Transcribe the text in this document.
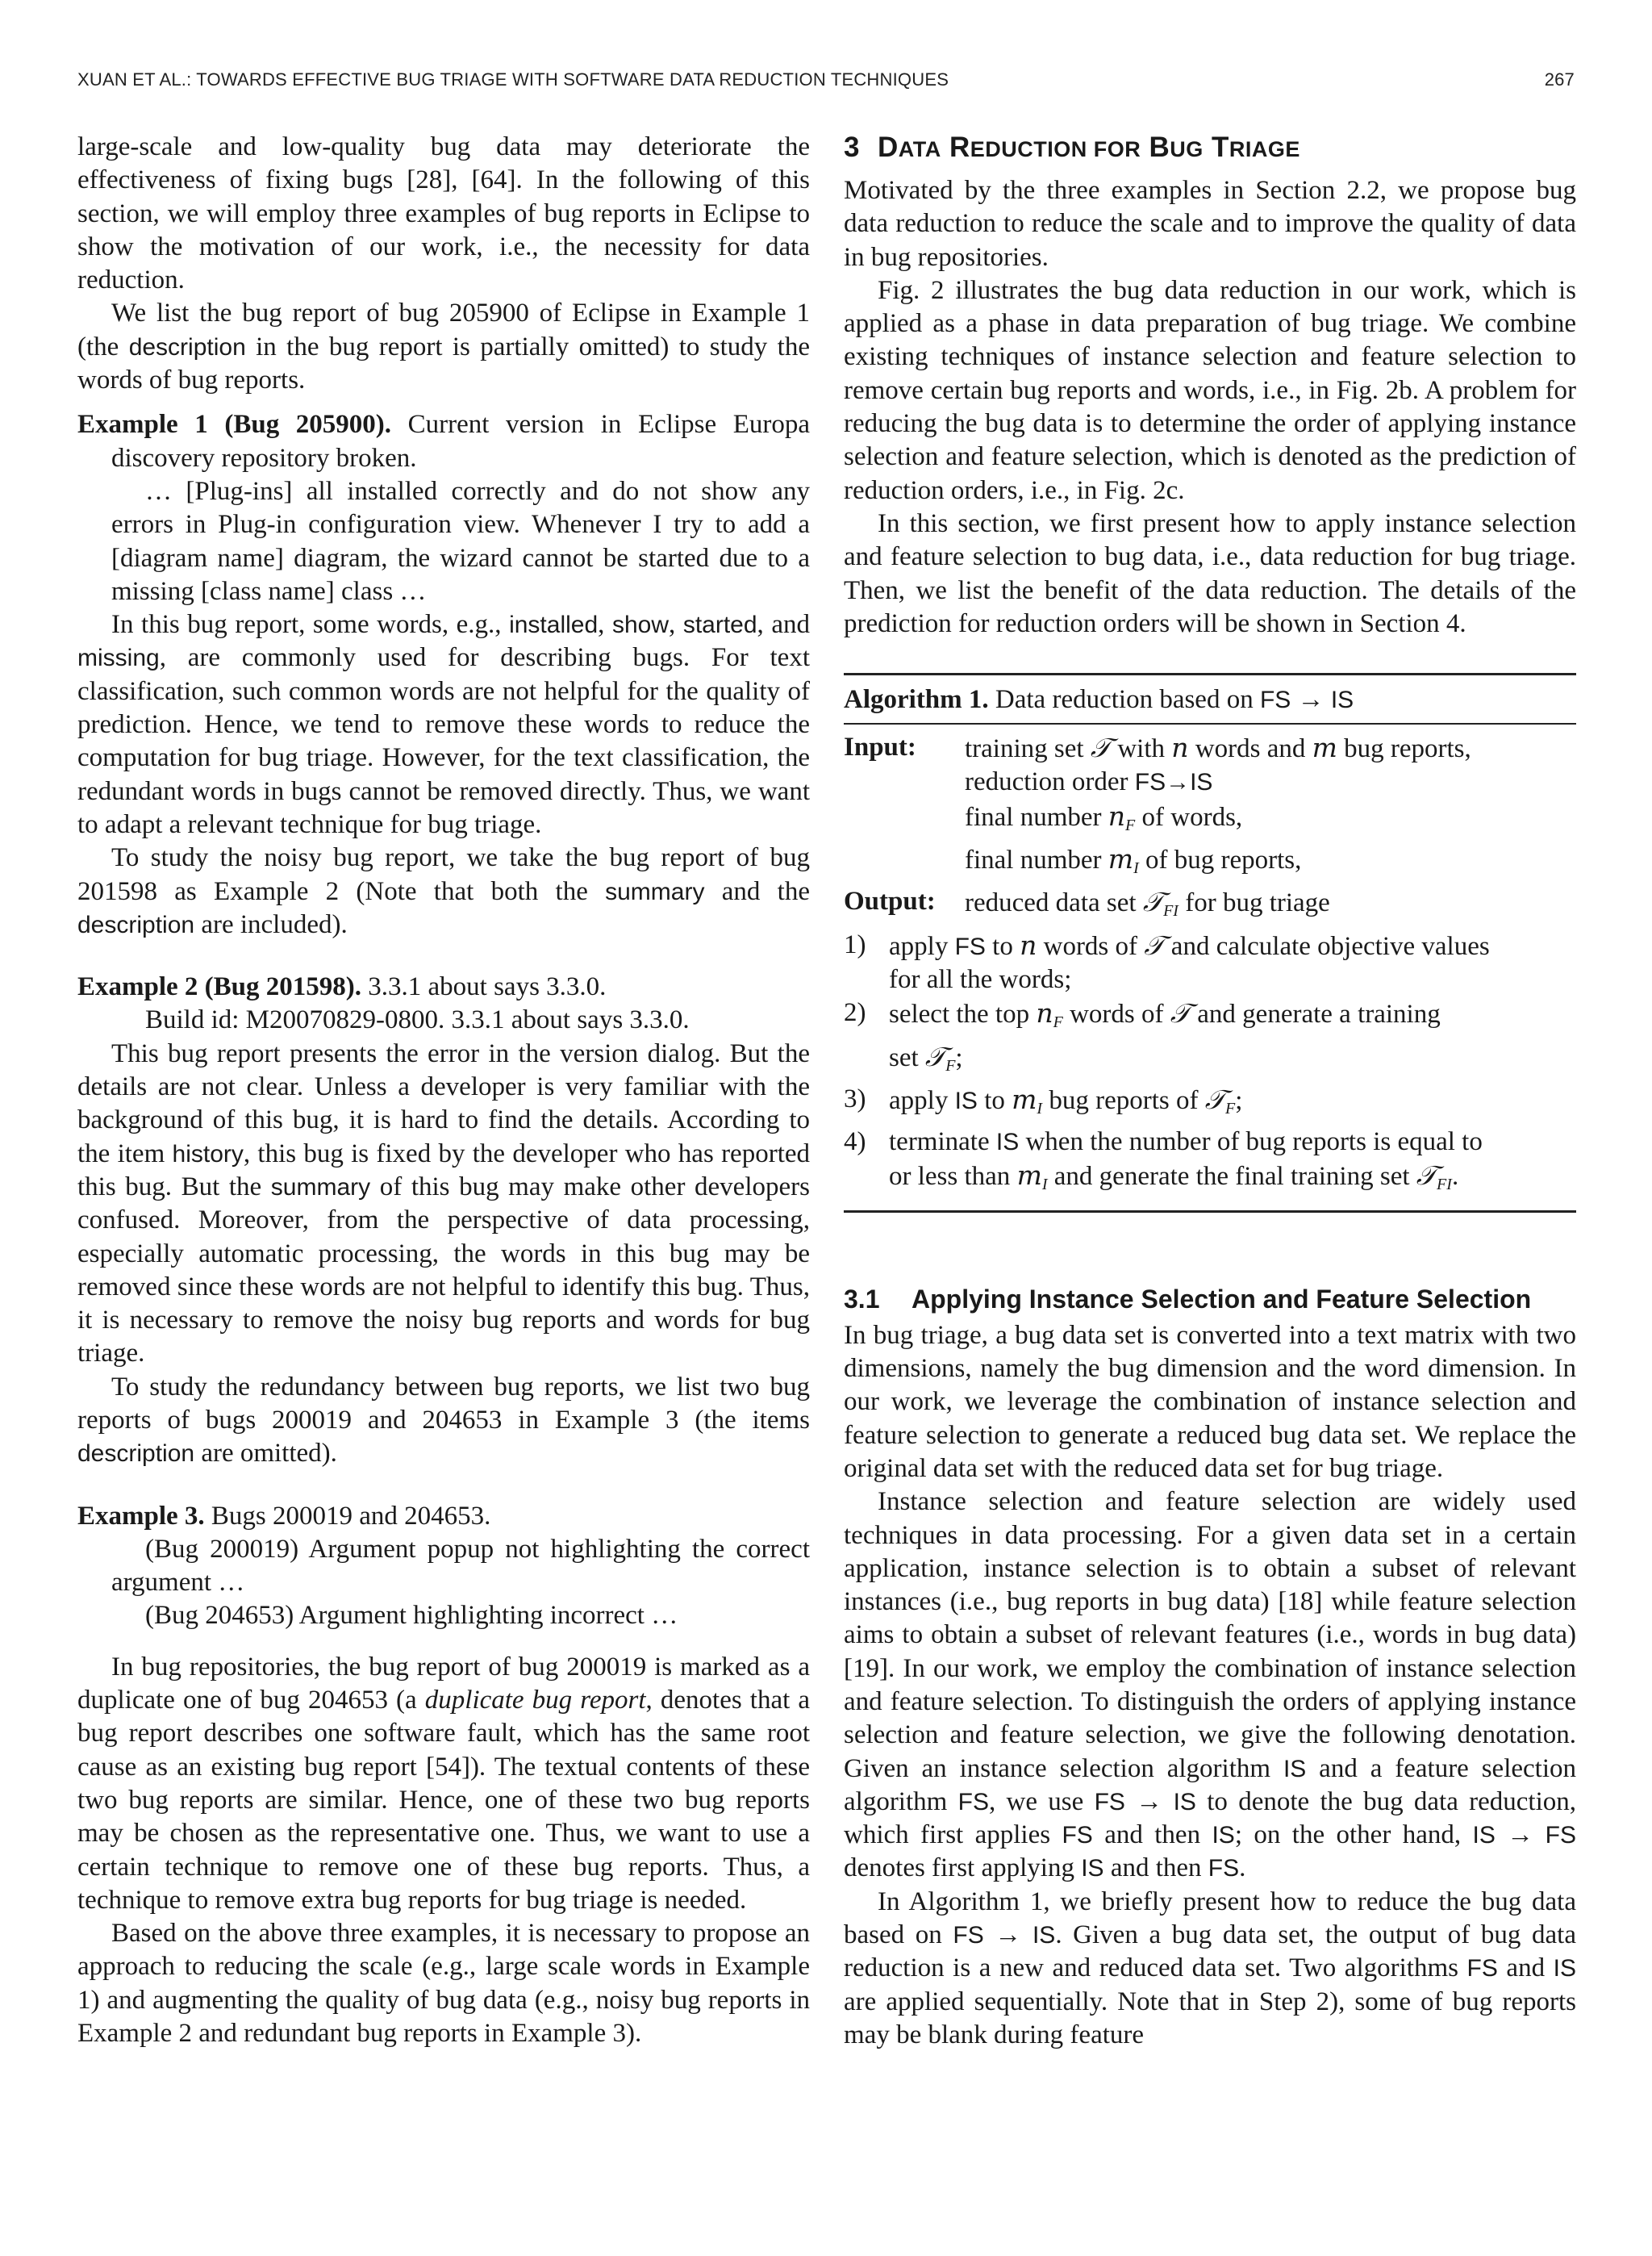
XUAN ET AL.: TOWARDS EFFECTIVE BUG TRIAGE WITH SOFTWARE DATA REDUCTION TECHNIQUES	267

large-scale and low-quality bug data may deteriorate the effectiveness of fixing bugs [28], [64]. In the following of this section, we will employ three examples of bug reports in Eclipse to show the motivation of our work, i.e., the necessity for data reduction.

We list the bug report of bug 205900 of Eclipse in Example 1 (the description in the bug report is partially omitted) to study the words of bug reports.

Example 1 (Bug 205900). Current version in Eclipse Europa discovery repository broken.

… [Plug-ins] all installed correctly and do not show any errors in Plug-in configuration view. Whenever I try to add a [diagram name] diagram, the wizard cannot be started due to a missing [class name] class …

In this bug report, some words, e.g., installed, show, started, and missing, are commonly used for describing bugs. For text classification, such common words are not helpful for the quality of prediction. Hence, we tend to remove these words to reduce the computation for bug triage. However, for the text classification, the redundant words in bugs cannot be removed directly. Thus, we want to adapt a relevant technique for bug triage.

To study the noisy bug report, we take the bug report of bug 201598 as Example 2 (Note that both the summary and the description are included).

Example 2 (Bug 201598). 3.3.1 about says 3.3.0.

Build id: M20070829-0800. 3.3.1 about says 3.3.0.

This bug report presents the error in the version dialog. But the details are not clear. Unless a developer is very familiar with the background of this bug, it is hard to find the details. According to the item history, this bug is fixed by the developer who has reported this bug. But the summary of this bug may make other developers confused. Moreover, from the perspective of data processing, especially automatic processing, the words in this bug may be removed since these words are not helpful to identify this bug. Thus, it is necessary to remove the noisy bug reports and words for bug triage.

To study the redundancy between bug reports, we list two bug reports of bugs 200019 and 204653 in Example 3 (the items description are omitted).

Example 3. Bugs 200019 and 204653.

(Bug 200019) Argument popup not highlighting the correct argument …

(Bug 204653) Argument highlighting incorrect …

In bug repositories, the bug report of bug 200019 is marked as a duplicate one of bug 204653 (a duplicate bug report, denotes that a bug report describes one software fault, which has the same root cause as an existing bug report [54]). The textual contents of these two bug reports are similar. Hence, one of these two bug reports may be chosen as the representative one. Thus, we want to use a certain technique to remove one of these bug reports. Thus, a technique to remove extra bug reports for bug triage is needed.

Based on the above three examples, it is necessary to propose an approach to reducing the scale (e.g., large scale words in Example 1) and augmenting the quality of bug data (e.g., noisy bug reports in Example 2 and redundant bug reports in Example 3).

3 DATA REDUCTION FOR BUG TRIAGE

Motivated by the three examples in Section 2.2, we propose bug data reduction to reduce the scale and to improve the quality of data in bug repositories.

Fig. 2 illustrates the bug data reduction in our work, which is applied as a phase in data preparation of bug triage. We combine existing techniques of instance selection and feature selection to remove certain bug reports and words, i.e., in Fig. 2b. A problem for reducing the bug data is to determine the order of applying instance selection and feature selection, which is denoted as the prediction of reduction orders, i.e., in Fig. 2c.

In this section, we first present how to apply instance selection and feature selection to bug data, i.e., data reduction for bug triage. Then, we list the benefit of the data reduction. The details of the prediction for reduction orders will be shown in Section 4.

Algorithm 1. Data reduction based on FS → IS
Input:	training set 𝒯 with n words and m bug reports,
reduction order FS→IS
final number $n_F$ of words,
final number $m_I$ of bug reports,
Output:	reduced data set 𝒯$_{FI}$ for bug triage
1) apply FS to n words of 𝒯 and calculate objective values
for all the words;
2) select the top $n_F$ words of 𝒯 and generate a training
set 𝒯$_F$;
3) apply IS to $m_I$ bug reports of 𝒯$_F$;
4) terminate IS when the number of bug reports is equal to
or less than $m_I$ and generate the final training set 𝒯$_{FI}$.
3.1	Applying Instance Selection and Feature Selection

In bug triage, a bug data set is converted into a text matrix with two dimensions, namely the bug dimension and the word dimension. In our work, we leverage the combination of instance selection and feature selection to generate a reduced bug data set. We replace the original data set with the reduced data set for bug triage.

Instance selection and feature selection are widely used techniques in data processing. For a given data set in a certain application, instance selection is to obtain a subset of relevant instances (i.e., bug reports in bug data) [18] while feature selection aims to obtain a subset of relevant features (i.e., words in bug data) [19]. In our work, we employ the combination of instance selection and feature selection. To distinguish the orders of applying instance selection and feature selection, we give the following denotation. Given an instance selection algorithm IS and a feature selection algorithm FS, we use FS → IS to denote the bug data reduction, which first applies FS and then IS; on the other hand, IS → FS denotes first applying IS and then FS.

In Algorithm 1, we briefly present how to reduce the bug data based on FS → IS. Given a bug data set, the output of bug data reduction is a new and reduced data set. Two algorithms FS and IS are applied sequentially. Note that in Step 2), some of bug reports may be blank during feature
